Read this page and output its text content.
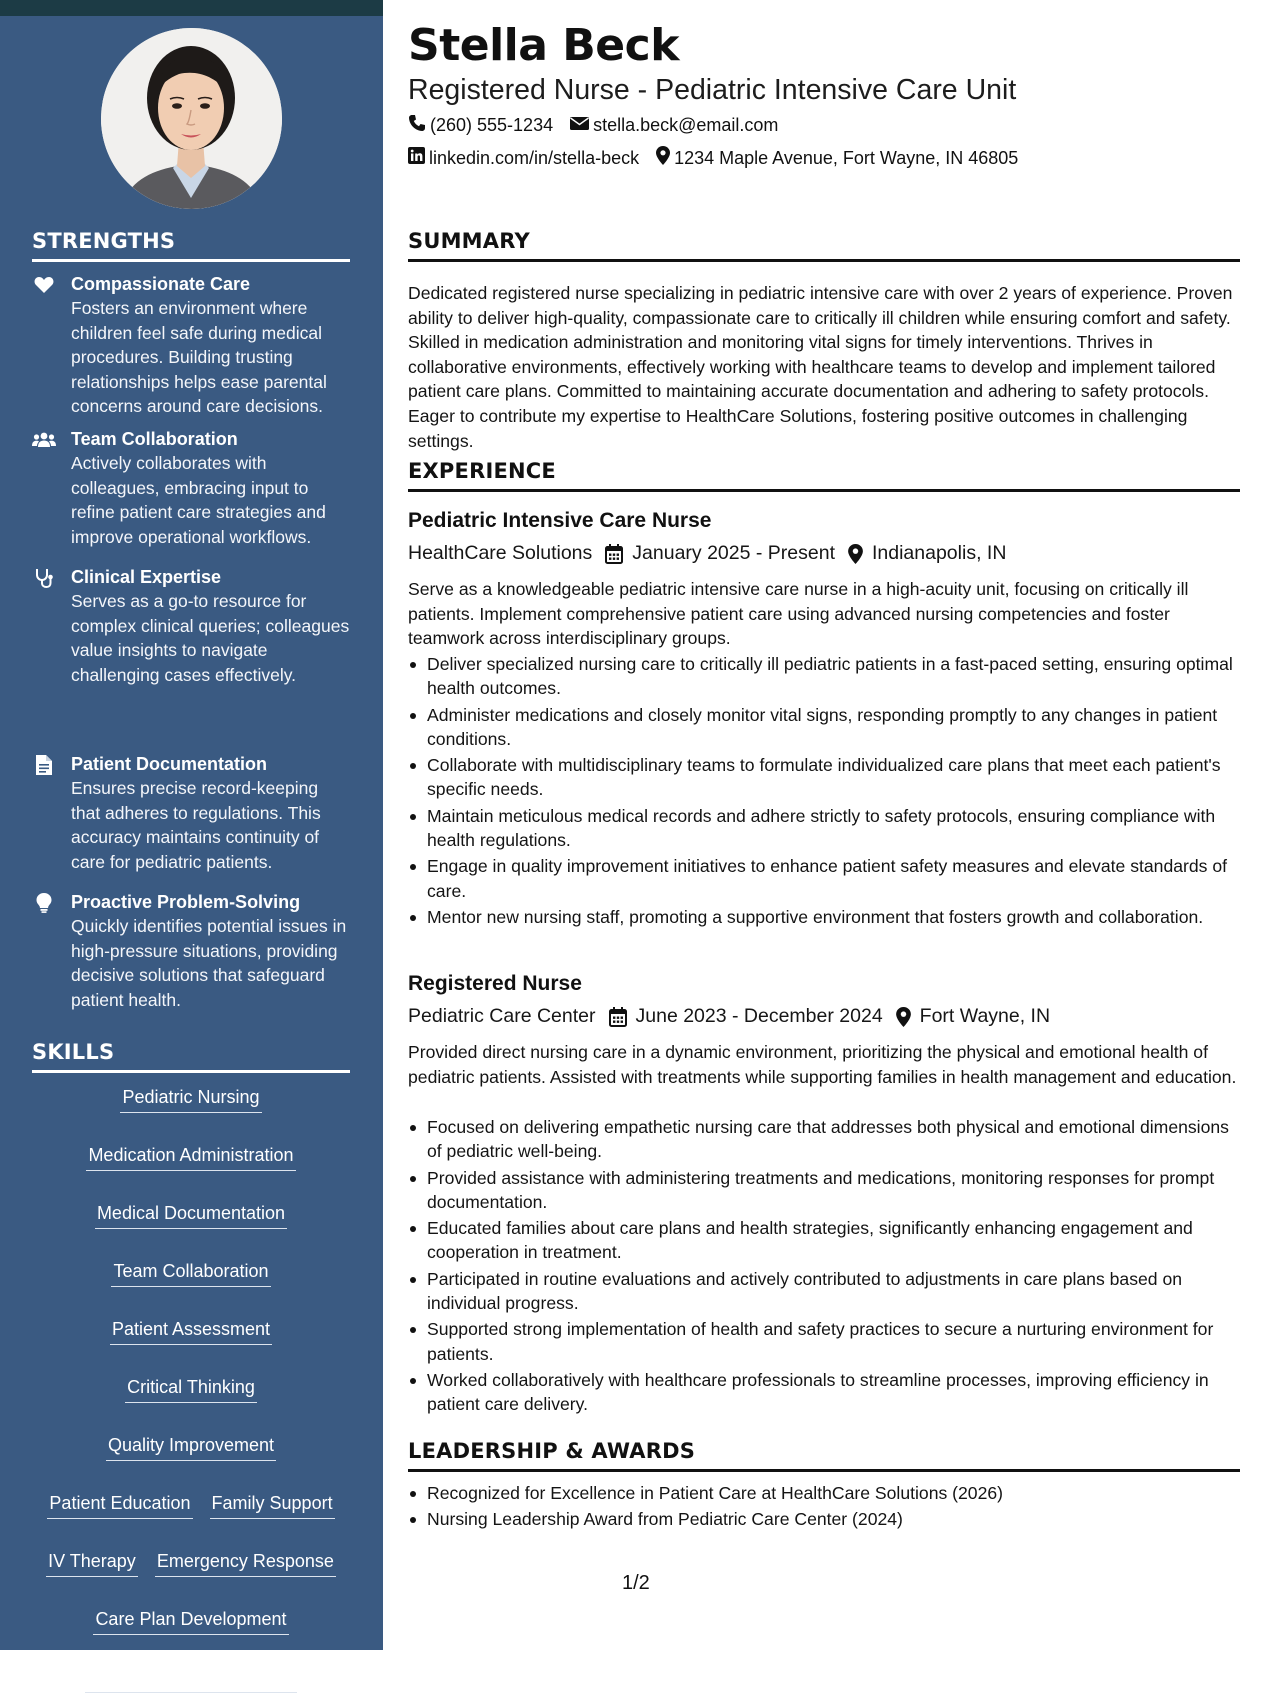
STRENGTHS
Compassionate Care
Fosters an environment where children feel safe during medical procedures. Building trusting relationships helps ease parental concerns around care decisions.
Team Collaboration
Actively collaborates with colleagues, embracing input to refine patient care strategies and improve operational workflows.
Clinical Expertise
Serves as a go-to resource for complex clinical queries; colleagues value insights to navigate challenging cases effectively.
Patient Documentation
Ensures precise record-keeping that adheres to regulations. This accuracy maintains continuity of care for pediatric patients.
Proactive Problem-Solving
Quickly identifies potential issues in high-pressure situations, providing decisive solutions that safeguard patient health.
SKILLS
Pediatric Nursing
Medication Administration
Medical Documentation
Team Collaboration
Patient Assessment
Critical Thinking
Quality Improvement
Patient Education Family Support
IV Therapy Emergency Response
Care Plan Development
Monitoring and Evaluation
Stella Beck
Registered Nurse - Pediatric Intensive Care Unit
(260) 555-1234 stella.beck@email.com
linkedin.com/in/stella-beck 1234 Maple Avenue, Fort Wayne, IN 46805
SUMMARY
Dedicated registered nurse specializing in pediatric intensive care with over 2 years of experience. Proven ability to deliver high-quality, compassionate care to critically ill children while ensuring comfort and safety. Skilled in medication administration and monitoring vital signs for timely interventions. Thrives in collaborative environments, effectively working with healthcare teams to develop and implement tailored patient care plans. Committed to maintaining accurate documentation and adhering to safety protocols. Eager to contribute my expertise to HealthCare Solutions, fostering positive outcomes in challenging settings.
EXPERIENCE
Pediatric Intensive Care Nurse
HealthCare Solutions January 2025 - Present Indianapolis, IN
Serve as a knowledgeable pediatric intensive care nurse in a high-acuity unit, focusing on critically ill patients. Implement comprehensive patient care using advanced nursing competencies and foster teamwork across interdisciplinary groups.
Deliver specialized nursing care to critically ill pediatric patients in a fast-paced setting, ensuring optimal health outcomes.
Administer medications and closely monitor vital signs, responding promptly to any changes in patient conditions.
Collaborate with multidisciplinary teams to formulate individualized care plans that meet each patient's specific needs.
Maintain meticulous medical records and adhere strictly to safety protocols, ensuring compliance with health regulations.
Engage in quality improvement initiatives to enhance patient safety measures and elevate standards of care.
Mentor new nursing staff, promoting a supportive environment that fosters growth and collaboration.
Registered Nurse
Pediatric Care Center June 2023 - December 2024 Fort Wayne, IN
Provided direct nursing care in a dynamic environment, prioritizing the physical and emotional health of pediatric patients. Assisted with treatments while supporting families in health management and education.
Focused on delivering empathetic nursing care that addresses both physical and emotional dimensions of pediatric well-being.
Provided assistance with administering treatments and medications, monitoring responses for prompt documentation.
Educated families about care plans and health strategies, significantly enhancing engagement and cooperation in treatment.
Participated in routine evaluations and actively contributed to adjustments in care plans based on individual progress.
Supported strong implementation of health and safety practices to secure a nurturing environment for patients.
Worked collaboratively with healthcare professionals to streamline processes, improving efficiency in patient care delivery.
LEADERSHIP & AWARDS
Recognized for Excellence in Patient Care at HealthCare Solutions (2026)
Nursing Leadership Award from Pediatric Care Center (2024)
1/2
